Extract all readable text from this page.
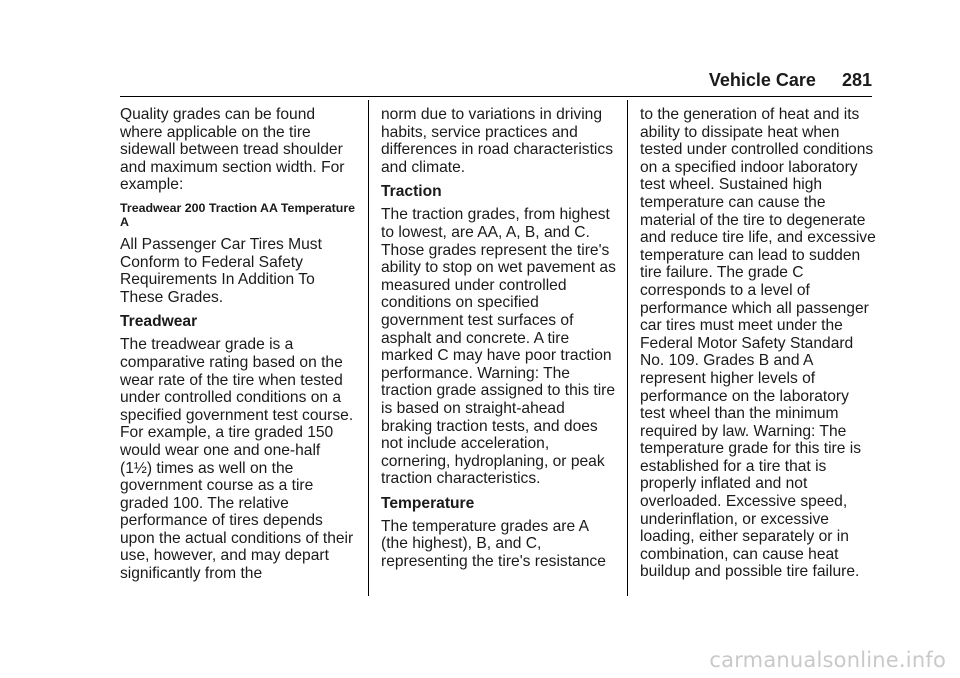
Vehicle Care 281

Quality grades can be found where applicable on the tire sidewall between tread shoulder and maximum section width. For example:

Treadwear 200 Traction AA Temperature A

All Passenger Car Tires Must Conform to Federal Safety Requirements In Addition To These Grades.

Treadwear

The treadwear grade is a comparative rating based on the wear rate of the tire when tested under controlled conditions on a specified government test course. For example, a tire graded 150 would wear one and one-half (1½) times as well on the government course as a tire graded 100. The relative performance of tires depends upon the actual conditions of their use, however, and may depart significantly from the

norm due to variations in driving habits, service practices and differences in road characteristics and climate.

Traction

The traction grades, from highest to lowest, are AA, A, B, and C. Those grades represent the tire's ability to stop on wet pavement as measured under controlled conditions on specified government test surfaces of asphalt and concrete. A tire marked C may have poor traction performance. Warning: The traction grade assigned to this tire is based on straight-ahead braking traction tests, and does not include acceleration, cornering, hydroplaning, or peak traction characteristics.

Temperature

The temperature grades are A (the highest), B, and C, representing the tire's resistance

to the generation of heat and its ability to dissipate heat when tested under controlled conditions on a specified indoor laboratory test wheel. Sustained high temperature can cause the material of the tire to degenerate and reduce tire life, and excessive temperature can lead to sudden tire failure. The grade C corresponds to a level of performance which all passenger car tires must meet under the Federal Motor Safety Standard No. 109. Grades B and A represent higher levels of performance on the laboratory test wheel than the minimum required by law. Warning: The temperature grade for this tire is established for a tire that is properly inflated and not overloaded. Excessive speed, underinflation, or excessive loading, either separately or in combination, can cause heat buildup and possible tire failure.

carmanualsonline.info
